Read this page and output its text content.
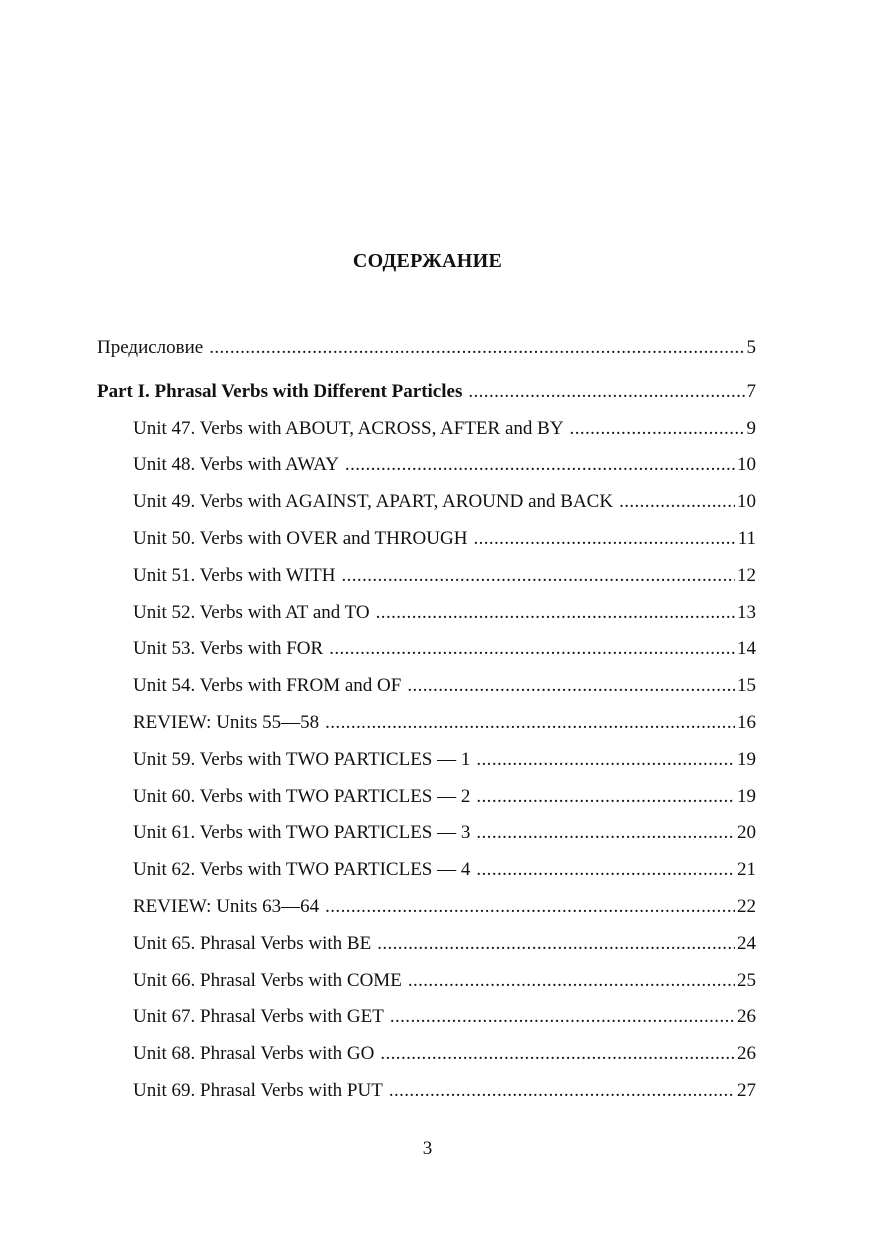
СОДЕРЖАНИЕ
Предисловие .....	5
Part I. Phrasal Verbs with Different Particles .....	7
Unit 47. Verbs with ABOUT, ACROSS, AFTER and BY .....	9
Unit 48. Verbs with AWAY .....	10
Unit 49. Verbs with AGAINST, APART, AROUND and BACK .....	10
Unit 50. Verbs with OVER and THROUGH .....	11
Unit 51. Verbs with WITH .....	12
Unit 52. Verbs with AT and TO .....	13
Unit 53. Verbs with FOR .....	14
Unit 54. Verbs with FROM and OF .....	15
REVIEW: Units 55—58 .....	16
Unit 59. Verbs with TWO PARTICLES — 1 .....	19
Unit 60. Verbs with TWO PARTICLES — 2 .....	19
Unit 61. Verbs with TWO PARTICLES — 3 .....	20
Unit 62. Verbs with TWO PARTICLES — 4 .....	21
REVIEW: Units 63—64 .....	22
Unit 65. Phrasal Verbs with BE .....	24
Unit 66. Phrasal Verbs with COME .....	25
Unit 67. Phrasal Verbs with GET .....	26
Unit 68. Phrasal Verbs with GO .....	26
Unit 69. Phrasal Verbs with PUT .....	27
3
